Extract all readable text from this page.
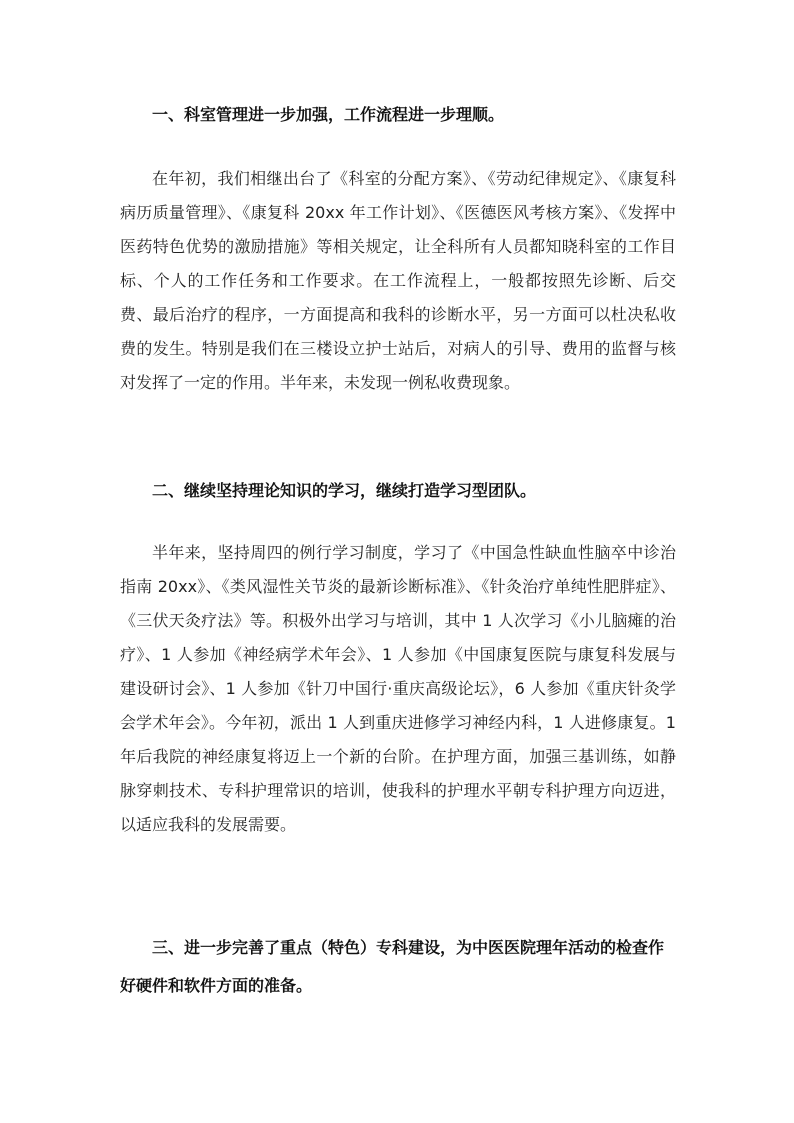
一、科室管理进一步加强，工作流程进一步理顺。

在年初，我们相继出台了《科室的分配方案》、《劳动纪律规定》、《康复科病历质量管理》、《康复科 20xx 年工作计划》、《医德医风考核方案》、《发挥中医药特色优势的激励措施》等相关规定，让全科所有人员都知晓科室的工作目标、个人的工作任务和工作要求。在工作流程上，一般都按照先诊断、后交费、最后治疗的程序，一方面提高和我科的诊断水平，另一方面可以杜决私收费的发生。特别是我们在三楼设立护士站后，对病人的引导、费用的监督与核对发挥了一定的作用。半年来，未发现一例私收费现象。

二、继续坚持理论知识的学习，继续打造学习型团队。

半年来，坚持周四的例行学习制度，学习了《中国急性缺血性脑卒中诊治指南 20xx》、《类风湿性关节炎的最新诊断标准》、《针灸治疗单纯性肥胖症》、《三伏天灸疗法》等。积极外出学习与培训，其中 1 人次学习《小儿脑瘫的治疗》、1 人参加《神经病学术年会》、1 人参加《中国康复医院与康复科发展与建设研讨会》、1 人参加《针刀中国行·重庆高级论坛》，6 人参加《重庆针灸学会学术年会》。今年初，派出 1 人到重庆进修学习神经内科，1 人进修康复。1 年后我院的神经康复将迈上一个新的台阶。在护理方面，加强三基训练，如静脉穿刺技术、专科护理常识的培训，使我科的护理水平朝专科护理方向迈进，以适应我科的发展需要。

三、进一步完善了重点（特色）专科建设，为中医医院理年活动的检查作好硬件和软件方面的准备。
